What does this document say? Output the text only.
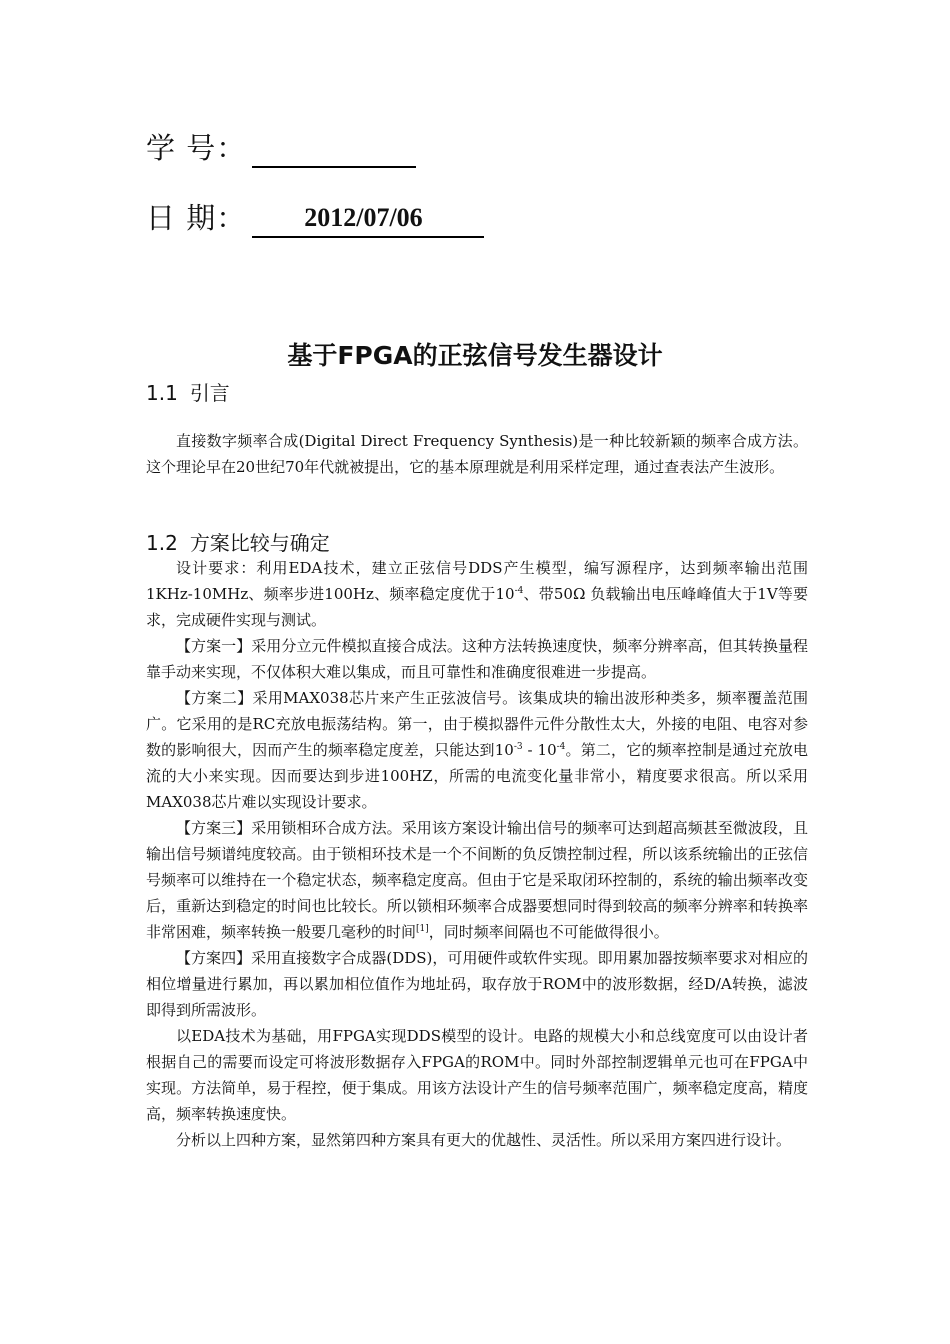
学 号：
日 期：	2012/07/06
基于FPGA的正弦信号发生器设计
1.1 引言

直接数字频率合成(Digital Direct Frequency Synthesis)是一种比较新颖的频率合成方法。这个理论早在20世纪70年代就被提出，它的基本原理就是利用采样定理，通过查表法产生波形。

1.2 方案比较与确定

设计要求：利用EDA技术，建立正弦信号DDS产生模型，编写源程序，达到频率输出范围1KHz-10MHz、频率步进100Hz、频率稳定度优于$10^{-4}$、带50Ω 负载输出电压峰峰值大于1V等要求，完成硬件实现与测试。

【方案一】采用分立元件模拟直接合成法。这种方法转换速度快，频率分辨率高，但其转换量程靠手动来实现，不仅体积大难以集成，而且可靠性和准确度很难进一步提高。

【方案二】采用MAX038芯片来产生正弦波信号。该集成块的输出波形种类多，频率覆盖范围广。它采用的是RC充放电振荡结构。第一，由于模拟器件元件分散性太大，外接的电阻、电容对参数的影响很大，因而产生的频率稳定度差，只能达到$10^{-3} - 10^{-4}$。第二，它的频率控制是通过充放电流的大小来实现。因而要达到步进100HZ，所需的电流变化量非常小，精度要求很高。所以采用MAX038芯片难以实现设计要求。

【方案三】采用锁相环合成方法。采用该方案设计输出信号的频率可达到超高频甚至微波段，且输出信号频谱纯度较高。由于锁相环技术是一个不间断的负反馈控制过程，所以该系统输出的正弦信号频率可以维持在一个稳定状态，频率稳定度高。但由于它是采取闭环控制的，系统的输出频率改变后，重新达到稳定的时间也比较长。所以锁相环频率合成器要想同时得到较高的频率分辨率和转换率非常困难，频率转换一般要几毫秒的时间[1]，同时频率间隔也不可能做得很小。

【方案四】采用直接数字合成器(DDS)，可用硬件或软件实现。即用累加器按频率要求对相应的相位增量进行累加，再以累加相位值作为地址码，取存放于ROM中的波形数据，经D/A转换，滤波即得到所需波形。

以EDA技术为基础，用FPGA实现DDS模型的设计。电路的规模大小和总线宽度可以由设计者根据自己的需要而设定可将波形数据存入FPGA的ROM中。同时外部控制逻辑单元也可在FPGA中实现。方法简单，易于程控，便于集成。用该方法设计产生的信号频率范围广，频率稳定度高，精度高，频率转换速度快。

分析以上四种方案，显然第四种方案具有更大的优越性、灵活性。所以采用方案四进行设计。
